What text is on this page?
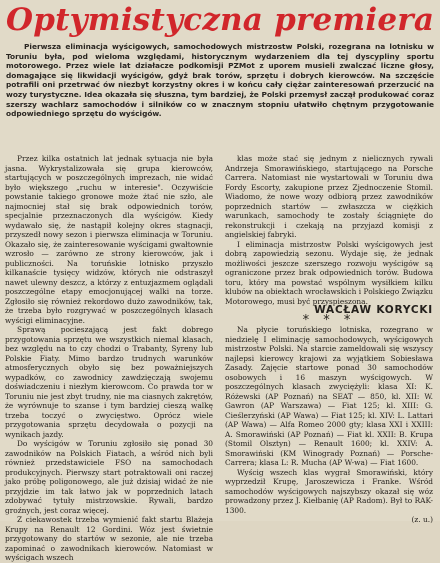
Optymistyczna premiera

Pierwsza eliminacja wyścigowych, samochodowych mistrzostw Polski, rozegrana na lotnisku w Toruniu była, pod wieloma względami, historycznym wydarzeniem dla tej dyscypliny sportu motorowego. Przez wiele lat działacze podkomisji PZMot z uporem musieli zwalczać liczne głosy, domagające się likwidacji wyścigów, gdyż brak torów, sprzętu i dobrych kierowców. Na szczęście potrafili oni przetrwać ów niezbyt korzystny okres i w końcu cały ciężar zainteresowań przerzucić na wozy turystyczne. Idea okazała się słuszna, tym bardziej, że Polski przemysł zaczął produkować coraz szerszy wachlarz samochodów i silników co w znacznym stopniu ułatwiło chętnym przygotowanie odpowiedniego sprzętu do wyścigów.

Przez kilka ostatnich lat jednak sytuacja nie była jasna. Wykrystalizowała się grupa kierowców, startujących w poszczególnych imprezach, nie widać było większego „ruchu w interesie". Oczywiście powstanie takiego gronowe może żtać nie szło, ale najmocniej stał się brak odpowiednich torów, specjalnie przeznaczonych dla wyścigów. Kiedy wydawało się, że nastąpił kolejny okres stagnacji, przyszedł nowy sezon i pierwsza eliminacja w Toruniu. Okazało się, że zainteresowanie wyścigami gwałtownie wzrosło — zarówno ze strony kierowców, jak i publiczności. Na toruńskie lotnisko przyszło kilkanaście tysięcy widzów, których nie odstraszył nawet ulewny deszcz, a którzy z entuzjazmem oglądali poszczególne etapy emocjonującej walki na torze. Zgłosiło się również rekordowo dużo zawodników, tak, że trzeba było rozgrywać w poszczególnych klasach wyścigi eliminacyjne.

Sprawą pocieszającą jest fakt dobrego przygotowania sprzętu we wszystkich niemal klasach, bez względu na to czy chodzi o Trabanty, Syreny lub Polskie Fiaty. Mimo bardzo trudnych warunków atmosferycznych obyło się bez poważniejszych wypadków, co zawodnicy zawdzięczają swojemu doświadczeniu i niezłym kierowcom. Co prawda tor w Toruniu nie jest zbyt trudny, nie ma ciasnych zakrętów, że wyrównuje to szanse i tym bardziej cieszą walkę trzeba toczyć o zwycięstwo. Oprócz wiele przygotowania sprzętu decydowała o pozycji na wynikach jazdy.

Do wyścigów w Toruniu zgłosiło się ponad 30 zawodników na Polskich Fiatach, a wśród nich byli również przedstawiciele FSO na samochodach produkcyjnych. Pierwszy start potraktowali oni raczej jako próbę poligonowego, ale już dzisiaj widać że nie przyjdzie im tak łatwo jak w poprzednich latach zdobywać tytuły mistrzowskie. Rywali, bardzo groźnych, jest coraz więcej.

Z ciekawostek trzeba wymienić fakt startu Blażeja Krupy na Renault 12 Gordini. Wóz jest świetnie przygotowany do startów w sezonie, ale nie trzeba zapominać o zawodnikach kierowców. Natomiast w wyścigach wszech

klas może stać się jednym z nielicznych rywali Andrzeja Smorawińskiego, startującego na Porsche Carrera. Natomiast nie wystartowali w Toruniu dwa Fordy Escorty, zakupione przez Zjednoczenie Stomil. Wiadomo, że nowe wozy odbiorą przez zawodników poprzednich startów — zwłaszcza w ciężkich warunkach, samochody te zostały ściągnięte do rekonstrukcji i czekają na przyjazd komisji z angielskiej fabryki.

I eliminacja mistrzostw Polski wyścigowych jest dobrą zapowiedzią sezonu. Wydaje się, że jednak możliwości jeszcze szerszego rozwoju wyścigów są ograniczone przez brak odpowiednich torów. Budowa toru, który ma powstać wspólnym wysiłkiem kilku klubów na obiektach wrocławskich i Polskiego Związku Motorowego, musi być przyspieszona.

WACŁAW KORYCKI

* * *

Na płycie toruńskiego lotniska, rozegrano w niedzielę I eliminację samochodowych, wyścigowych mistrzostw Polski. Na starcie zameldowali się wszyscy najlepsi kierowcy krajowi za wyjątkiem Sobiesława Zasady. Zajęcie startowe ponad 30 samochodów osobowych i 16 maszyn wyścigowych. W poszczególnych klasach zwyciężyli: klasa XI: K. Różewski (AP Poznań) na SEAT — 850, kl. XII: W. Gawron (AP Warszawa) — Fiat 125; kl. XIII: G. Cieślerzyński (AP Wawa) — Fiat 125; kl. XIV: L. Lattari (AP Wawa) — Alfa Romeo 2000 gty; klasa XXI i XXIII: A. Smorawiński (AP Poznań) — Fiat kl. XXII: B. Krupa (Stomil Olsztyn) — Renault 1600; kl. XXIV: A. Smorawiński (KM Winogrady Poznań) — Porsche-Carrera; klasa L: R. Mucha (AP W-wa) — Fiat 1600.

Wyścig wszech klas wygrał Smorawiński, który wyprzedził Krupę, Jaroszewicza i Franke. Wśród samochodów wyścigowych najszybszy okazał się wóz prowadzony przez J. Kiełbanię (AP Radom). Był to RAK-1300.

(z. u.)
